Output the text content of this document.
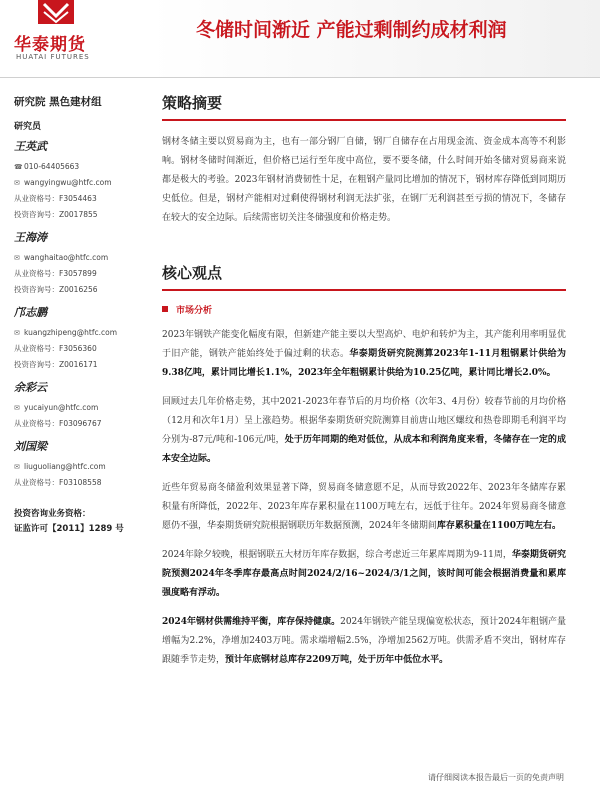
华泰期货
HUATAI FUTURES
冬储时间渐近 产能过剩制约成材利润
研究院 黑色建材组
研究员
王英武
☎010-64405663
✉ wangyingwu@htfc.com
从业资格号：F3054463
投资咨询号：Z0017855
王海涛
✉ wanghaitao@htfc.com
从业资格号：F3057899
投资咨询号：Z0016256
邝志鹏
✉ kuangzhipeng@htfc.com
从业资格号：F3056360
投资咨询号：Z0016171
余彩云
✉ yucaiyun@htfc.com
从业资格号：F03096767
刘国梁
✉ liuguoliang@htfc.com
从业资格号：F03108558
投资咨询业务资格：
证监许可【2011】1289 号
策略摘要

钢材冬储主要以贸易商为主，也有一部分钢厂自储，钢厂自储存在占用现金流、资金成本高等不利影响。钢材冬储时间渐近，但价格已运行至年度中高位，要不要冬储，什么时间开始冬储对贸易商来说都是极大的考验。2023年钢材消费韧性十足，在粗钢产量同比增加的情况下，钢材库存降低到同期历史低位。但是，钢材产能相对过剩使得钢材利润无法扩张，在钢厂无利润甚至亏损的情况下，冬储存在较大的安全边际。后续需密切关注冬储强度和价格走势。

核心观点
市场分析

2023年钢铁产能变化幅度有限，但新建产能主要以大型高炉、电炉和转炉为主，其产能利用率明显优于旧产能，钢铁产能始终处于偏过剩的状态。华泰期货研究院测算2023年1-11月粗钢累计供给为9.38亿吨，累计同比增长1.1%，2023年全年粗钢累计供给为10.25亿吨，累计同比增长2.0%。

回顾过去几年价格走势，其中2021-2023年春节后的月均价格（次年3、4月份）较春节前的月均价格（12月和次年1月）呈上涨趋势。根据华泰期货研究院测算目前唐山地区螺纹和热卷即期毛利润平均分别为-87元/吨和-106元/吨，处于历年同期的绝对低位，从成本和利润角度来看，冬储存在一定的成本安全边际。

近些年贸易商冬储盈利效果显著下降，贸易商冬储意愿不足，从而导致2022年、2023年冬储库存累积量有所降低，2022年、2023年库存累积量在1100万吨左右，远低于往年。2024年贸易商冬储意愿仍不强，华泰期货研究院根据钢联历年数据预测，2024年冬储期间库存累积量在1100万吨左右。

2024年除夕较晚，根据钢联五大材历年库存数据，综合考虑近三年累库周期为9-11周，华泰期货研究院预测2024年冬季库存最高点时间2024/2/16~2024/3/1之间，该时间可能会根据消费量和累库强度略有浮动。

2024年钢材供需维持平衡，库存保持健康。2024年钢铁产能呈现偏宽松状态，预计2024年粗钢产量增幅为2.2%，净增加2403万吨。需求端增幅2.5%，净增加2562万吨。供需矛盾不突出，钢材库存跟随季节走势，预计年底钢材总库存2209万吨，处于历年中低位水平。

请仔细阅读本报告最后一页的免责声明
